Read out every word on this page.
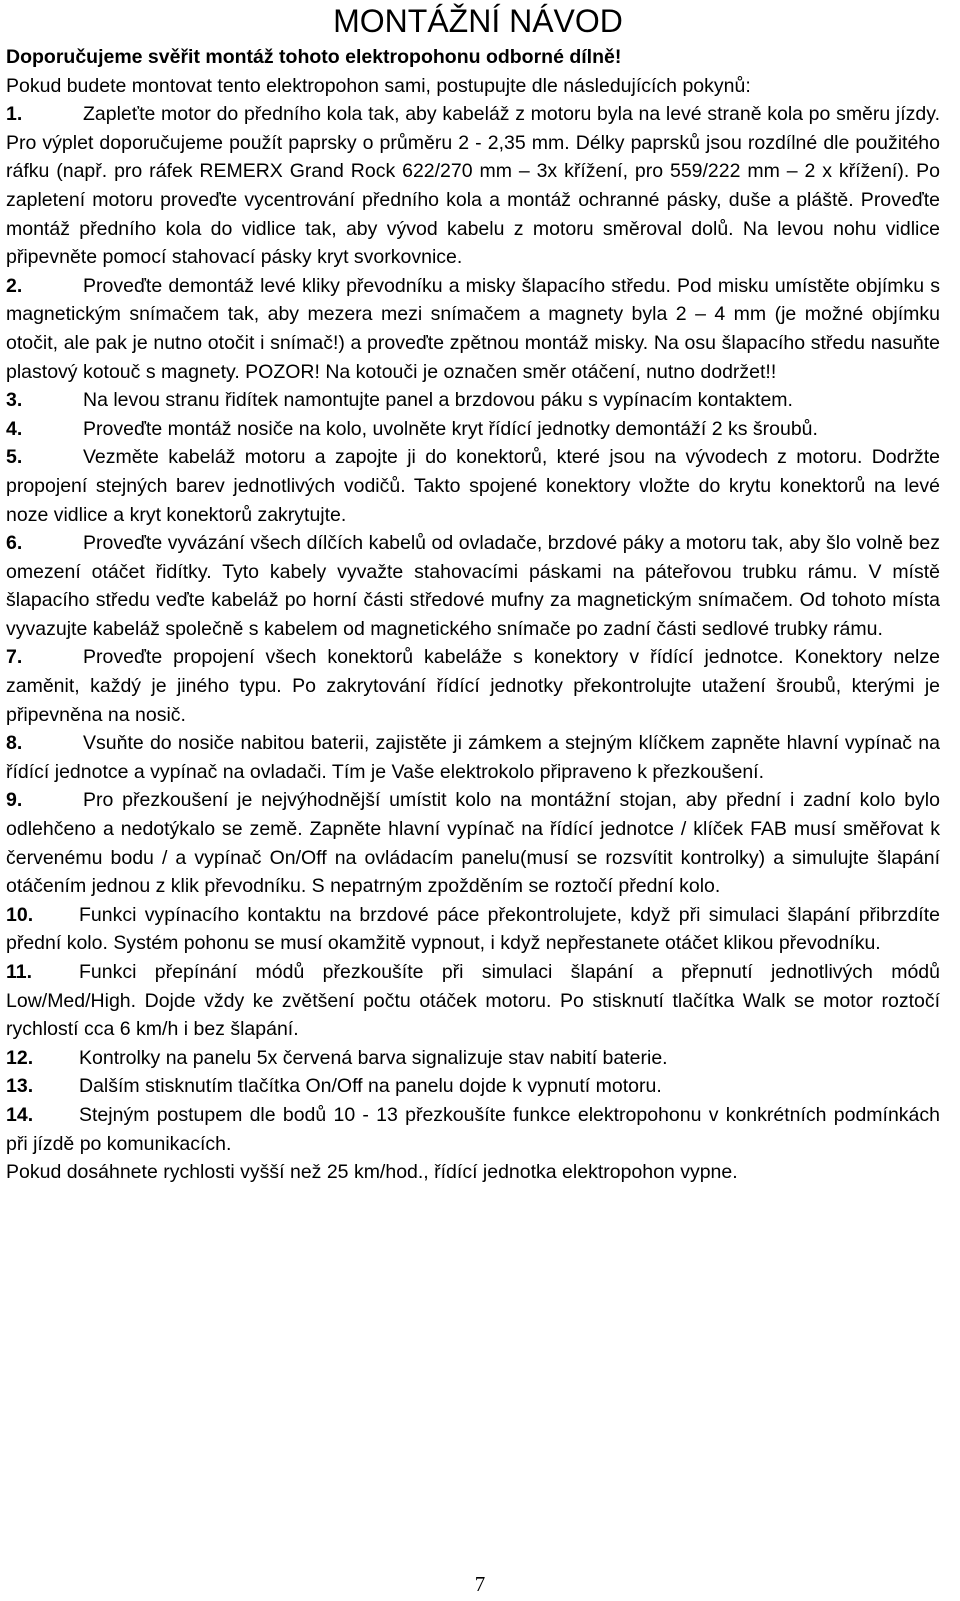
MONTÁŽNÍ NÁVOD

Doporučujeme svěřit montáž tohoto elektropohonu odborné dílně!

Pokud budete montovat tento elektropohon sami, postupujte dle následujících pokynů:

1.	Zapleťte motor do předního kola tak, aby kabeláž z motoru byla na levé straně kola po směru jízdy. Pro výplet doporučujeme použít paprsky o průměru 2 - 2,35 mm. Délky paprsků jsou rozdílné dle použitého ráfku (např. pro ráfek REMERX Grand Rock 622/270 mm – 3x křížení, pro 559/222 mm – 2 x křížení). Po zapletení motoru proveďte vycentrování předního kola a montáž ochranné pásky, duše a pláště. Proveďte montáž předního kola do vidlice tak, aby vývod kabelu z motoru směroval dolů. Na levou nohu vidlice připevněte pomocí stahovací pásky kryt svorkovnice.

2.	Proveďte demontáž levé kliky převodníku a misky šlapacího středu. Pod misku umístěte objímku s magnetickým snímačem tak, aby mezera mezi snímačem a magnety byla 2 – 4 mm (je možné objímku otočit, ale pak je nutno otočit i snímač!) a proveďte zpětnou montáž misky. Na osu šlapacího středu nasuňte plastový kotouč s magnety. POZOR! Na kotouči je označen směr otáčení, nutno dodržet!!

3.	Na levou stranu řidítek namontujte panel a brzdovou páku s vypínacím kontaktem.

4.	Proveďte montáž nosiče na kolo, uvolněte kryt řídící jednotky demontáží 2 ks šroubů.

5.	Vezměte kabeláž motoru a zapojte ji do konektorů, které jsou na vývodech z motoru. Dodržte propojení stejných barev jednotlivých vodičů. Takto spojené konektory vložte do krytu konektorů na levé noze vidlice a kryt konektorů zakrytujte.

6.	Proveďte vyvázání všech dílčích kabelů od ovladače, brzdové páky a motoru tak, aby šlo volně bez omezení otáčet řidítky. Tyto kabely vyvažte stahovacími páskami na páteřovou trubku rámu. V místě šlapacího středu veďte kabeláž po horní části středové mufny za magnetickým snímačem. Od tohoto místa vyvazujte kabeláž společně s kabelem od magnetického snímače po zadní části sedlové trubky rámu.

7.	Proveďte propojení všech konektorů kabeláže s konektory v řídící jednotce. Konektory nelze zaměnit, každý je jiného typu. Po zakrytování řídící jednotky překontrolujte utažení šroubů, kterými je připevněna na nosič.

8.	Vsuňte do nosiče nabitou baterii, zajistěte ji zámkem a stejným klíčkem zapněte hlavní vypínač na řídící jednotce a vypínač na ovladači. Tím je Vaše elektrokolo připraveno k přezkoušení.

9.	Pro přezkoušení je nejvýhodnější umístit kolo na montážní stojan, aby přední i zadní kolo bylo odlehčeno a nedotýkalo se země. Zapněte hlavní vypínač na řídící jednotce / klíček FAB musí směřovat k červenému bodu / a vypínač On/Off na ovládacím panelu(musí se rozsvítit kontrolky) a simulujte šlapání otáčením jednou z klik převodníku. S nepatrným zpožděním se roztočí přední kolo.

10. Funkci vypínacího kontaktu na brzdové páce překontrolujete, když při simulaci šlapání přibrzdíte přední kolo. Systém pohonu se musí okamžitě vypnout, i když nepřestanete otáčet klikou převodníku.

11. Funkci přepínání módů přezkoušíte při simulaci šlapání a přepnutí jednotlivých módů Low/Med/High. Dojde vždy ke zvětšení počtu otáček motoru. Po stisknutí tlačítka Walk se motor roztočí rychlostí cca 6 km/h i bez šlapání.

12. Kontrolky na panelu 5x červená barva signalizuje stav nabití baterie.

13. Dalším stisknutím tlačítka On/Off na panelu dojde k vypnutí motoru.

14. Stejným postupem dle bodů 10 - 13 přezkoušíte funkce elektropohonu v konkrétních podmínkách při jízdě po komunikacích.

Pokud dosáhnete rychlosti vyšší než 25 km/hod., řídící jednotka elektropohon vypne.

7
